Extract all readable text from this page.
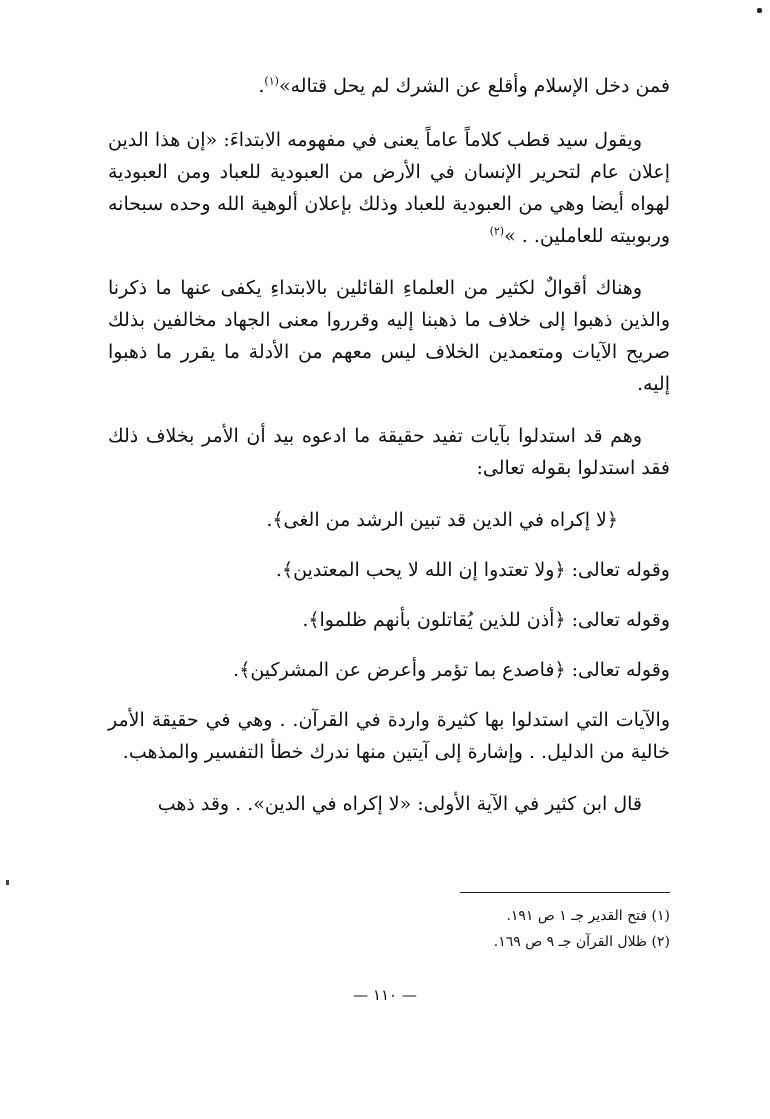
فمن دخل الإسلام وأقلع عن الشرك لم يحل قتاله»$^{(١)}$.

ويقول سيد قطب كلاماً عاماً يعنى في مفهومه الابتداءَ: «إن هذا الدين إعلان عام لتحرير الإنسان في الأرض من العبودية للعباد ومن العبودية لهواه أيضا وهي من العبودية للعباد وذلك بإعلان ألوهية الله وحده سبحانه وربوبيته للعاملين. . »$^{(٢)}$

وهناك أقوالٌ لكثير من العلماءِ القائلين بالابتداءِ يكفى عنها ما ذكرنا والذين ذهبوا إلى خلاف ما ذهبنا إليه وقرروا معنى الجهاد مخالفين بذلك صريح الآيات ومتعمدين الخلاف ليس معهم من الأدلة ما يقرر ما ذهبوا إليه.

وهم قد استدلوا بآيات تفيد حقيقة ما ادعوه بيد أن الأمر بخلاف ذلك فقد استدلوا بقوله تعالى:

﴿لا إكراه في الدين قد تبين الرشد من الغى﴾.

وقوله تعالى: ﴿ولا تعتدوا إن الله لا يحب المعتدين﴾.

وقوله تعالى: ﴿أذن للذين يُقاتلون بأنهم ظلموا﴾.

وقوله تعالى: ﴿فاصدع بما تؤمر وأعرض عن المشركين﴾.

والآيات التي استدلوا بها كثيرة واردة في القرآن. . وهي في حقيقة الأمر خالية من الدليل. . وإشارة إلى آيتين منها ندرك خطأ التفسير والمذهب.

قال ابن كثير في الآية الأولى: «لا إكراه في الدين». . وقد ذهب

(١) فتح القدير جـ ١ ص ١٩١.
(٢) ظلال القرآن جـ ٩ ص ١٦٩.
— ١١٠ —
